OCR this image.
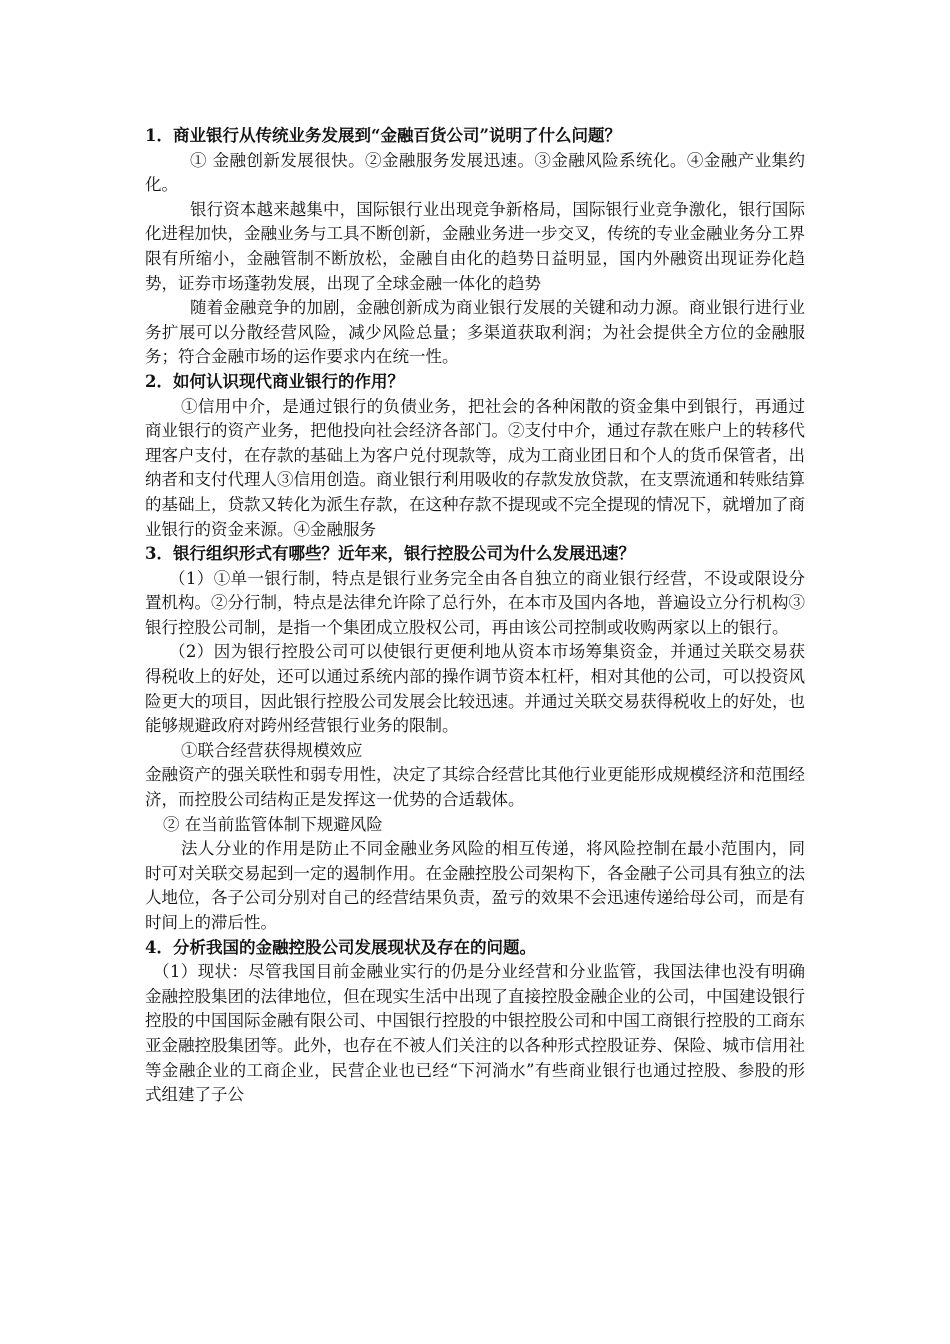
1．商业银行从传统业务发展到“金融百货公司”说明了什么问题？

① 金融创新发展很快。②金融服务发展迅速。③金融风险系统化。④金融产业集约化。

银行资本越来越集中，国际银行业出现竞争新格局，国际银行业竞争激化，银行国际化进程加快，金融业务与工具不断创新，金融业务进一步交叉，传统的专业金融业务分工界限有所缩小，金融管制不断放松，金融自由化的趋势日益明显，国内外融资出现证券化趋势，证券市场蓬勃发展，出现了全球金融一体化的趋势

随着金融竞争的加剧，金融创新成为商业银行发展的关键和动力源。商业银行进行业务扩展可以分散经营风险，减少风险总量；多渠道获取利润；为社会提供全方位的金融服务；符合金融市场的运作要求内在统一性。

2．如何认识现代商业银行的作用？

①信用中介，是通过银行的负债业务，把社会的各种闲散的资金集中到银行，再通过商业银行的资产业务，把他投向社会经济各部门。②支付中介，通过存款在账户上的转移代理客户支付，在存款的基础上为客户兑付现款等，成为工商业团日和个人的货币保管者，出纳者和支付代理人③信用创造。商业银行利用吸收的存款发放贷款，在支票流通和转账结算的基础上，贷款又转化为派生存款，在这种存款不提现或不完全提现的情况下，就增加了商业银行的资金来源。④金融服务

3．银行组织形式有哪些？近年来，银行控股公司为什么发展迅速？

（1）①单一银行制，特点是银行业务完全由各自独立的商业银行经营，不设或限设分置机构。②分行制，特点是法律允许除了总行外，在本市及国内各地，普遍设立分行机构③银行控股公司制，是指一个集团成立股权公司，再由该公司控制或收购两家以上的银行。

（2）因为银行控股公司可以使银行更便利地从资本市场筹集资金，并通过关联交易获得税收上的好处，还可以通过系统内部的操作调节资本杠杆，相对其他的公司，可以投资风险更大的项目，因此银行控股公司发展会比较迅速。并通过关联交易获得税收上的好处，也能够规避政府对跨州经营银行业务的限制。

①联合经营获得规模效应

金融资产的强关联性和弱专用性，决定了其综合经营比其他行业更能形成规模经济和范围经济，而控股公司结构正是发挥这一优势的合适载体。

② 在当前监管体制下规避风险

法人分业的作用是防止不同金融业务风险的相互传递，将风险控制在最小范围内，同时可对关联交易起到一定的遏制作用。在金融控股公司架构下，各金融子公司具有独立的法人地位，各子公司分别对自己的经营结果负责，盈亏的效果不会迅速传递给母公司，而是有时间上的滞后性。

4．分析我国的金融控股公司发展现状及存在的问题。

（1）现状：尽管我国目前金融业实行的仍是分业经营和分业监管，我国法律也没有明确金融控股集团的法律地位，但在现实生活中出现了直接控股金融企业的公司，中国建设银行控股的中国国际金融有限公司、中国银行控股的中银控股公司和中国工商银行控股的工商东亚金融控股集团等。此外，也存在不被人们关注的以各种形式控股证券、保险、城市信用社等金融企业的工商企业，民营企业也已经“下河淌水”有些商业银行也通过控股、参股的形式组建了子公
